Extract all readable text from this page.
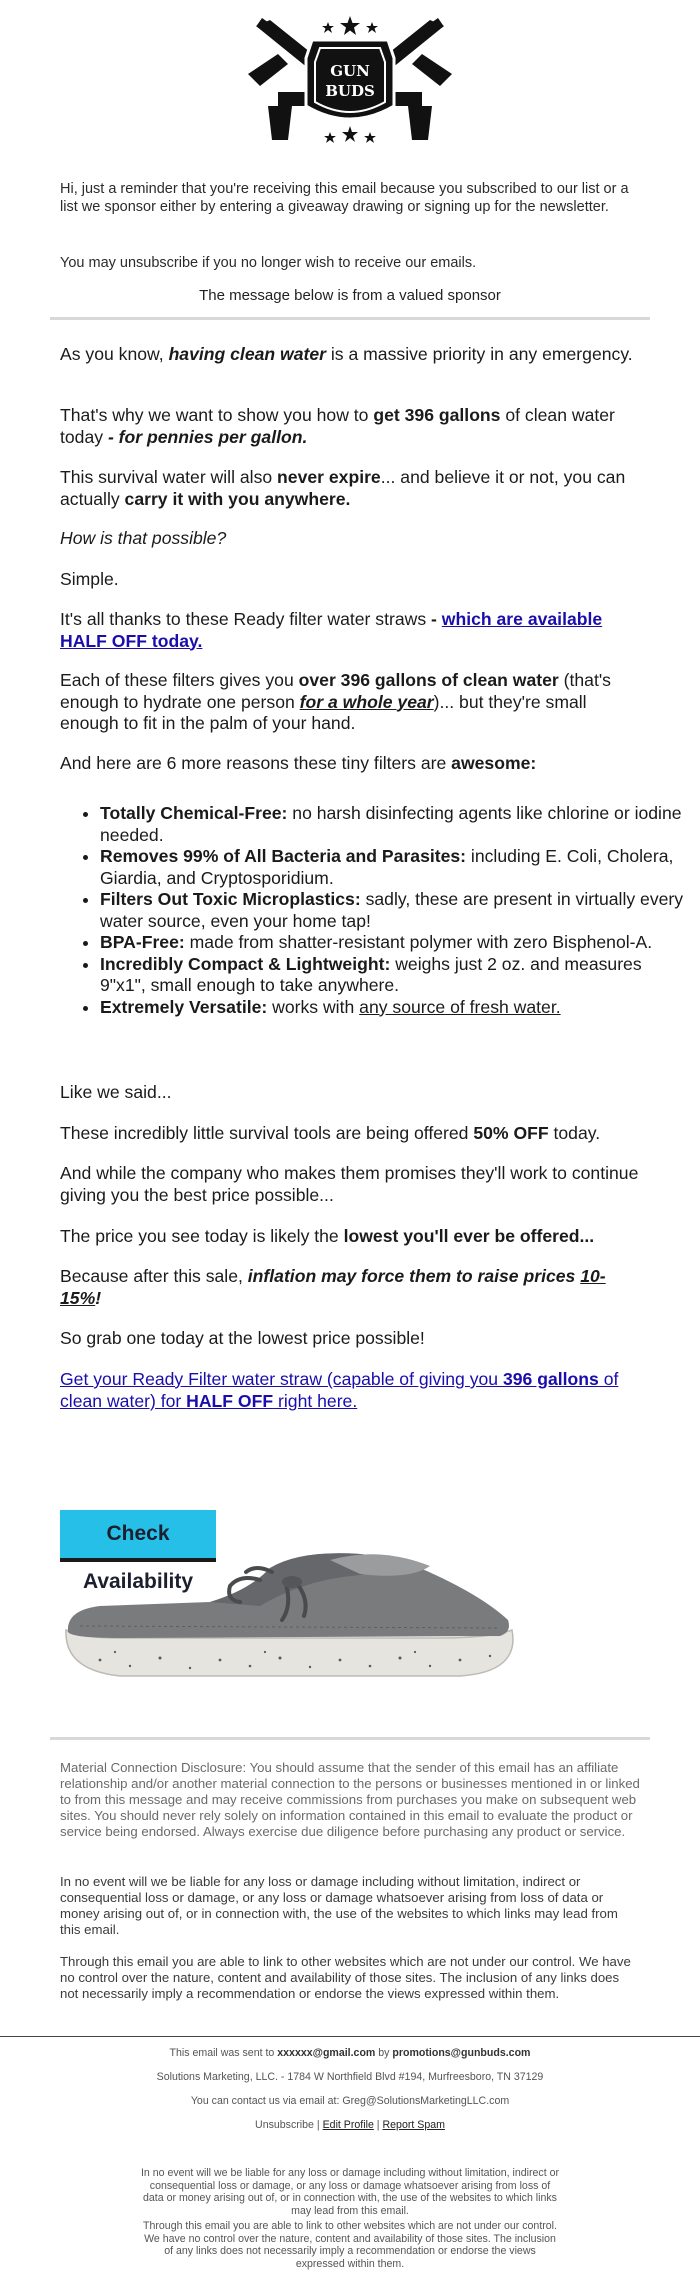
GUN
BUDS

Hi, just a reminder that you're receiving this email because you subscribed to our list or a list we sponsor either by entering a giveaway drawing or signing up for the newsletter.

You may unsubscribe if you no longer wish to receive our emails.

The message below is from a valued sponsor

As you know, having clean water is a massive priority in any emergency.

That's why we want to show you how to get 396 gallons of clean water today - for pennies per gallon.

This survival water will also never expire... and believe it or not, you can actually carry it with you anywhere.

How is that possible?

Simple.

It's all thanks to these Ready filter water straws - which are available HALF OFF today.

Each of these filters gives you over 396 gallons of clean water (that's enough to hydrate one person for a whole year)... but they're small enough to fit in the palm of your hand.

And here are 6 more reasons these tiny filters are awesome:

• Totally Chemical-Free: no harsh disinfecting agents like chlorine or iodine needed.
• Removes 99% of All Bacteria and Parasites: including E. Coli, Cholera, Giardia, and Cryptosporidium.
• Filters Out Toxic Microplastics: sadly, these are present in virtually every water source, even your home tap!
• BPA-Free: made from shatter-resistant polymer with zero Bisphenol-A.
• Incredibly Compact & Lightweight: weighs just 2 oz. and measures 9"x1", small enough to take anywhere.
• Extremely Versatile: works with any source of fresh water.

Like we said...

These incredibly little survival tools are being offered 50% OFF today.

And while the company who makes them promises they'll work to continue giving you the best price possible...

The price you see today is likely the lowest you'll ever be offered...

Because after this sale, inflation may force them to raise prices 10-15%!

So grab one today at the lowest price possible!

Get your Ready Filter water straw (capable of giving you 396 gallons of clean water) for HALF OFF right here.

Check Availability

Material Connection Disclosure: You should assume that the sender of this email has an affiliate relationship and/or another material connection to the persons or businesses mentioned in or linked to from this message and may receive commissions from purchases you make on subsequent web sites. You should never rely solely on information contained in this email to evaluate the product or service being endorsed. Always exercise due diligence before purchasing any product or service.

In no event will we be liable for any loss or damage including without limitation, indirect or consequential loss or damage, or any loss or damage whatsoever arising from loss of data or money arising out of, or in connection with, the use of the websites to which links may lead from this email.

Through this email you are able to link to other websites which are not under our control. We have no control over the nature, content and availability of those sites. The inclusion of any links does not necessarily imply a recommendation or endorse the views expressed within them.

This email was sent to xxxxxx@gmail.com by promotions@gunbuds.com
Solutions Marketing, LLC. - 1784 W Northfield Blvd #194, Murfreesboro, TN 37129
You can contact us via email at: Greg@SolutionsMarketingLLC.com
Unsubscribe | Edit Profile | Report Spam
In no event will we be liable for any loss or damage including without limitation, indirect or consequential loss or damage, or any loss or damage whatsoever arising from loss of data or money arising out of, or in connection with, the use of the websites to which links may lead from this email.
Through this email you are able to link to other websites which are not under our control. We have no control over the nature, content and availability of those sites. The inclusion of any links does not necessarily imply a recommendation or endorse the views expressed within them.
